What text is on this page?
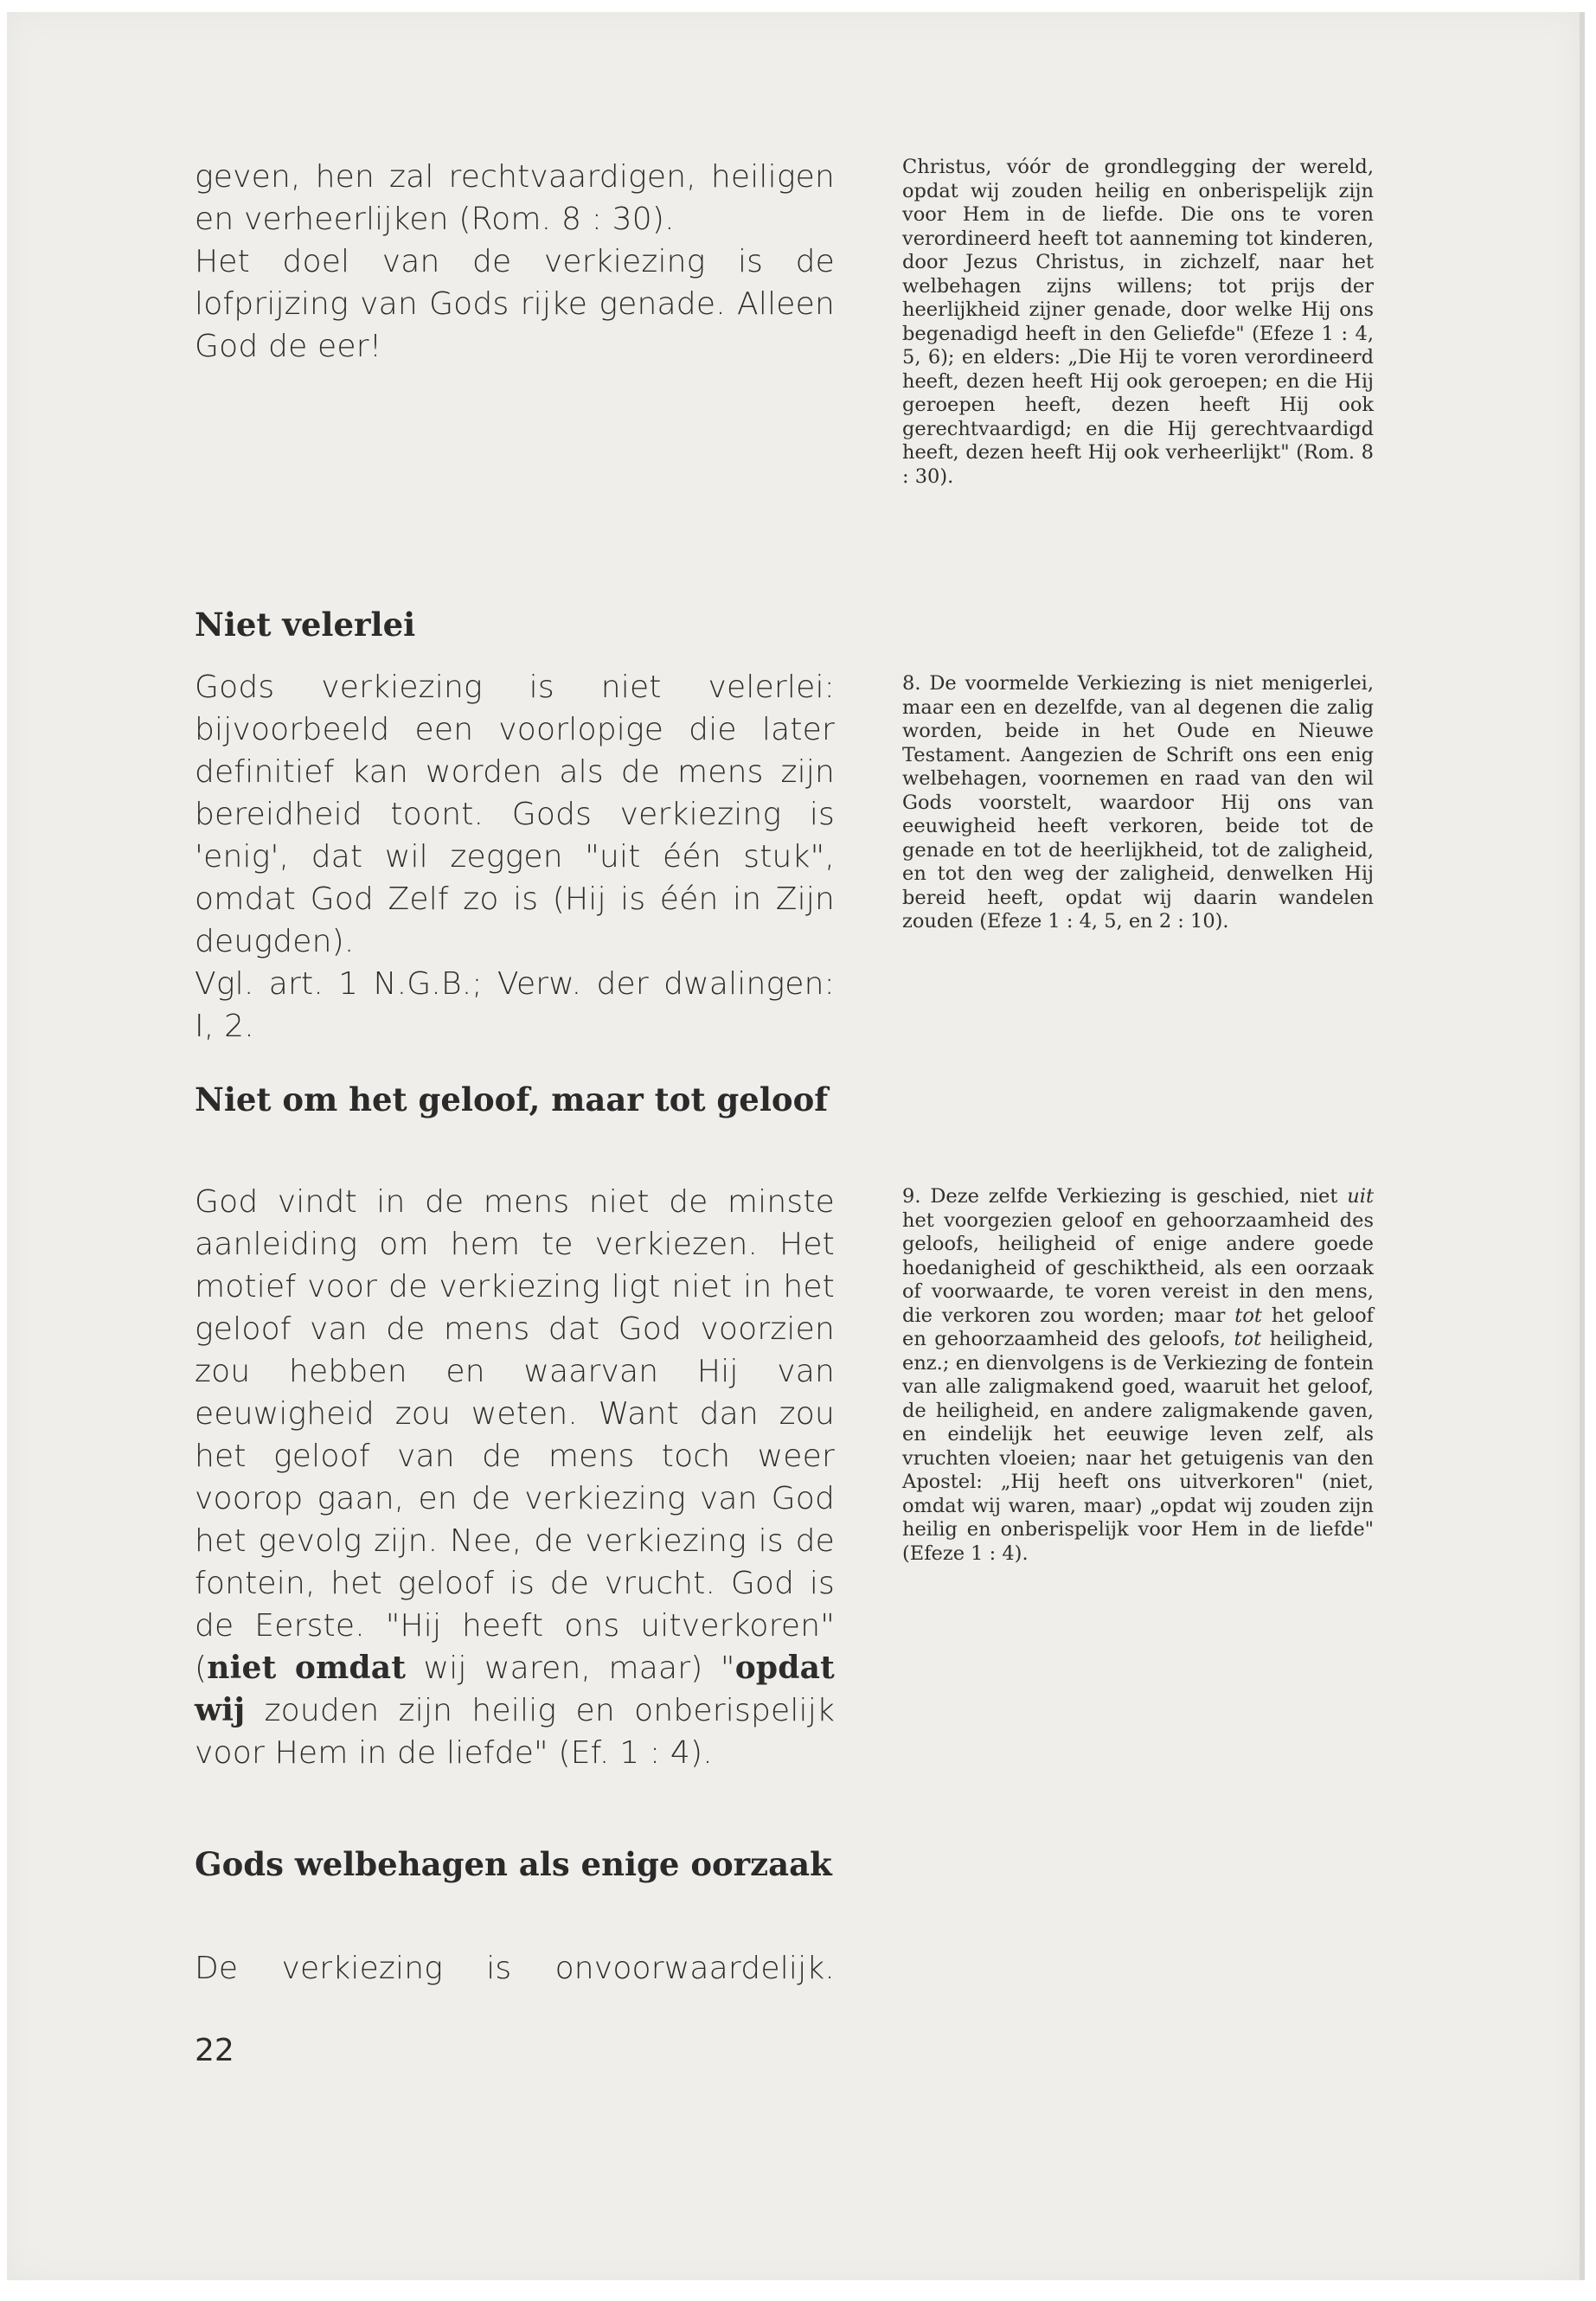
geven, hen zal rechtvaardigen, heiligen en verheerlijken (Rom. 8 : 30).

Het doel van de verkiezing is de lofprijzing van Gods rijke genade. Alleen God de eer!

Niet velerlei

Gods verkiezing is niet velerlei: bijvoorbeeld een voorlopige die later definitief kan worden als de mens zijn bereidheid toont. Gods verkiezing is 'enig', dat wil zeggen "uit één stuk", omdat God Zelf zo is (Hij is één in Zijn deugden).

Vgl. art. 1 N.G.B.; Verw. der dwalingen: I, 2.

Niet om het geloof, maar tot geloof

God vindt in de mens niet de minste aanleiding om hem te verkiezen. Het motief voor de verkiezing ligt niet in het geloof van de mens dat God voorzien zou hebben en waarvan Hij van eeuwigheid zou weten. Want dan zou het geloof van de mens toch weer voorop gaan, en de verkiezing van God het gevolg zijn. Nee, de verkiezing is de fontein, het geloof is de vrucht. God is de Eerste. "Hij heeft ons uitverkoren" (niet omdat wij waren, maar) "opdat wij zouden zijn heilig en onberispelijk voor Hem in de liefde" (Ef. 1 : 4).

Gods welbehagen als enige oorzaak

De verkiezing is onvoorwaardelijk.

22

Christus, vóór de grondlegging der wereld, opdat wij zouden heilig en onberispelijk zijn voor Hem in de liefde. Die ons te voren verordineerd heeft tot aanneming tot kinderen, door Jezus Christus, in zichzelf, naar het welbehagen zijns willens; tot prijs der heerlijkheid zijner genade, door welke Hij ons begenadigd heeft in den Geliefde" (Efeze 1 : 4, 5, 6); en elders: „Die Hij te voren verordineerd heeft, dezen heeft Hij ook geroepen; en die Hij geroepen heeft, dezen heeft Hij ook gerechtvaardigd; en die Hij gerechtvaardigd heeft, dezen heeft Hij ook verheerlijkt" (Rom. 8 : 30).

8. De voormelde Verkiezing is niet menigerlei, maar een en dezelfde, van al degenen die zalig worden, beide in het Oude en Nieuwe Testament. Aangezien de Schrift ons een enig welbehagen, voornemen en raad van den wil Gods voorstelt, waardoor Hij ons van eeuwigheid heeft verkoren, beide tot de genade en tot de heerlijkheid, tot de zaligheid, en tot den weg der zaligheid, denwelken Hij bereid heeft, opdat wij daarin wandelen zouden (Efeze 1 : 4, 5, en 2 : 10).

9. Deze zelfde Verkiezing is geschied, niet uit het voorgezien geloof en gehoorzaamheid des geloofs, heiligheid of enige andere goede hoedanigheid of geschiktheid, als een oorzaak of voorwaarde, te voren vereist in den mens, die verkoren zou worden; maar tot het geloof en gehoorzaamheid des geloofs, tot heiligheid, enz.; en dienvolgens is de Verkiezing de fontein van alle zaligmakend goed, waaruit het geloof, de heiligheid, en andere zaligmakende gaven, en eindelijk het eeuwige leven zelf, als vruchten vloeien; naar het getuigenis van den Apostel: „Hij heeft ons uitverkoren" (niet, omdat wij waren, maar) „opdat wij zouden zijn heilig en onberispelijk voor Hem in de liefde" (Efeze 1 : 4).
